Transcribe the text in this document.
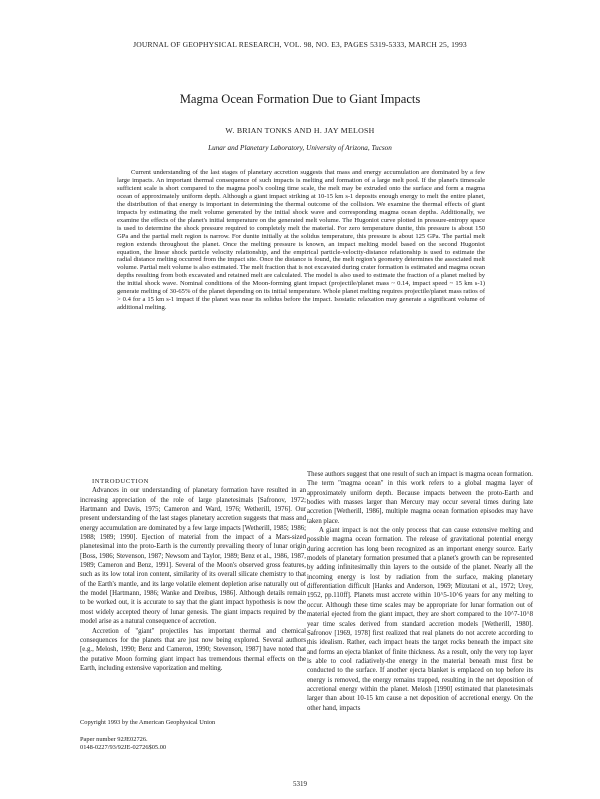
JOURNAL OF GEOPHYSICAL RESEARCH, VOL. 98, NO. E3, PAGES 5319-5333, MARCH 25, 1993
Magma Ocean Formation Due to Giant Impacts
W. BRIAN TONKS AND H. JAY MELOSH
Lunar and Planetary Laboratory, University of Arizona, Tucson

Current understanding of the last stages of planetary accretion suggests that mass and energy accumulation are dominated by a few large impacts. An important thermal consequence of such impacts is melting and formation of a large melt pool. If the planet's timescale sufficient scale is short compared to the magma pool's cooling time scale, the melt may be extruded onto the surface and form a magma ocean of approximately uniform depth. Although a giant impact striking at 10-15 km s-1 deposits enough energy to melt the entire planet, the distribution of that energy is important in determining the thermal outcome of the collision. We examine the thermal effects of giant impacts by estimating the melt volume generated by the initial shock wave and corresponding magma ocean depths. Additionally, we examine the effects of the planet's initial temperature on the generated melt volume. The Hugoniot curve plotted in pressure-entropy space is used to determine the shock pressure required to completely melt the material. For zero temperature dunite, this pressure is about 150 GPa and the partial melt region is narrow. For dunite initially at the solidus temperature, this pressure is about 125 GPa. The partial melt region extends throughout the planet. Once the melting pressure is known, an impact melting model based on the second Hugoniot equation, the linear shock particle velocity relationship, and the empirical particle-velocity-distance relationship is used to estimate the radial distance melting occurred from the impact site. Once the distance is found, the melt region's geometry determines the associated melt volume. Partial melt volume is also estimated. The melt fraction that is not excavated during crater formation is estimated and magma ocean depths resulting from both excavated and retained melt are calculated. The model is also used to estimate the fraction of a planet melted by the initial shock wave. Nominal conditions of the Moon-forming giant impact (projectile/planet mass ~ 0.14, impact speed ~ 15 km s-1) generate melting of 30-65% of the planet depending on its initial temperature. Whole planet melting requires projectile/planet mass ratios of > 0.4 for a 15 km s-1 impact if the planet was near its solidus before the impact. Isostatic relaxation may generate a significant volume of additional melting.

INTRODUCTION

Advances in our understanding of planetary formation have resulted in an increasing appreciation of the role of large planetesimals [Safronov, 1972; Hartmann and Davis, 1975; Cameron and Ward, 1976; Wetherill, 1976]. Our present understanding of the last stages planetary accretion suggests that mass and energy accumulation are dominated by a few large impacts [Wetherill, 1985; 1986; 1988; 1989; 1990]. Ejection of material from the impact of a Mars-sized planetesimal into the proto-Earth is the currently prevailing theory of lunar origin [Boss, 1986; Stevenson, 1987; Newsom and Taylor, 1989; Benz et al., 1986, 1987, 1989; Cameron and Benz, 1991]. Several of the Moon's observed gross features, such as its low total iron content, similarity of its overall silicate chemistry to that of the Earth's mantle, and its large volatile element depletion arise naturally out of the model [Hartmann, 1986; Wanke and Dreibus, 1986]. Although details remain to be worked out, it is accurate to say that the giant impact hypothesis is now the most widely accepted theory of lunar genesis. The giant impacts required by the model arise as a natural consequence of accretion.

Accretion of "giant" projectiles has important thermal and chemical consequences for the planets that are just now being explored. Several authors [e.g., Melosh, 1990; Benz and Cameron, 1990; Stevenson, 1987] have noted that the putative Moon forming giant impact has tremendous thermal effects on the Earth, including extensive vaporization and melting.

These authors suggest that one result of such an impact is magma ocean formation. The term "magma ocean" in this work refers to a global magma layer of approximately uniform depth. Because impacts between the proto-Earth and bodies with masses larger than Mercury may occur several times during late accretion [Wetherill, 1986], multiple magma ocean formation episodes may have taken place.

A giant impact is not the only process that can cause extensive melting and possible magma ocean formation. The release of gravitational potential energy during accretion has long been recognized as an important energy source. Early models of planetary formation presumed that a planet's growth can be represented by adding infinitesimally thin layers to the outside of the planet. Nearly all the incoming energy is lost by radiation from the surface, making planetary differentiation difficult [Hanks and Anderson, 1969; Mizutani et al., 1972; Urey, 1952, pp.110ff]. Planets must accrete within 10^5-10^6 years for any melting to occur. Although these time scales may be appropriate for lunar formation out of material ejected from the giant impact, they are short compared to the 10^7-10^8 year time scales derived from standard accretion models [Wetherill, 1980]. Safronov [1969, 1978] first realized that real planets do not accrete according to this idealism. Rather, each impact heats the target rocks beneath the impact site and forms an ejecta blanket of finite thickness. As a result, only the very top layer is able to cool radiatively-the energy in the material beneath must first be conducted to the surface. If another ejecta blanket is emplaced on top before its energy is removed, the energy remains trapped, resulting in the net deposition of accretional energy within the planet. Melosh [1990] estimated that planetesimals larger than about 10-15 km cause a net deposition of accretional energy. On the other hand, impacts

Copyright 1993 by the American Geophysical Union

Paper number 92JE02726.

0148-0227/93/92JE-02726$05.00

5319
